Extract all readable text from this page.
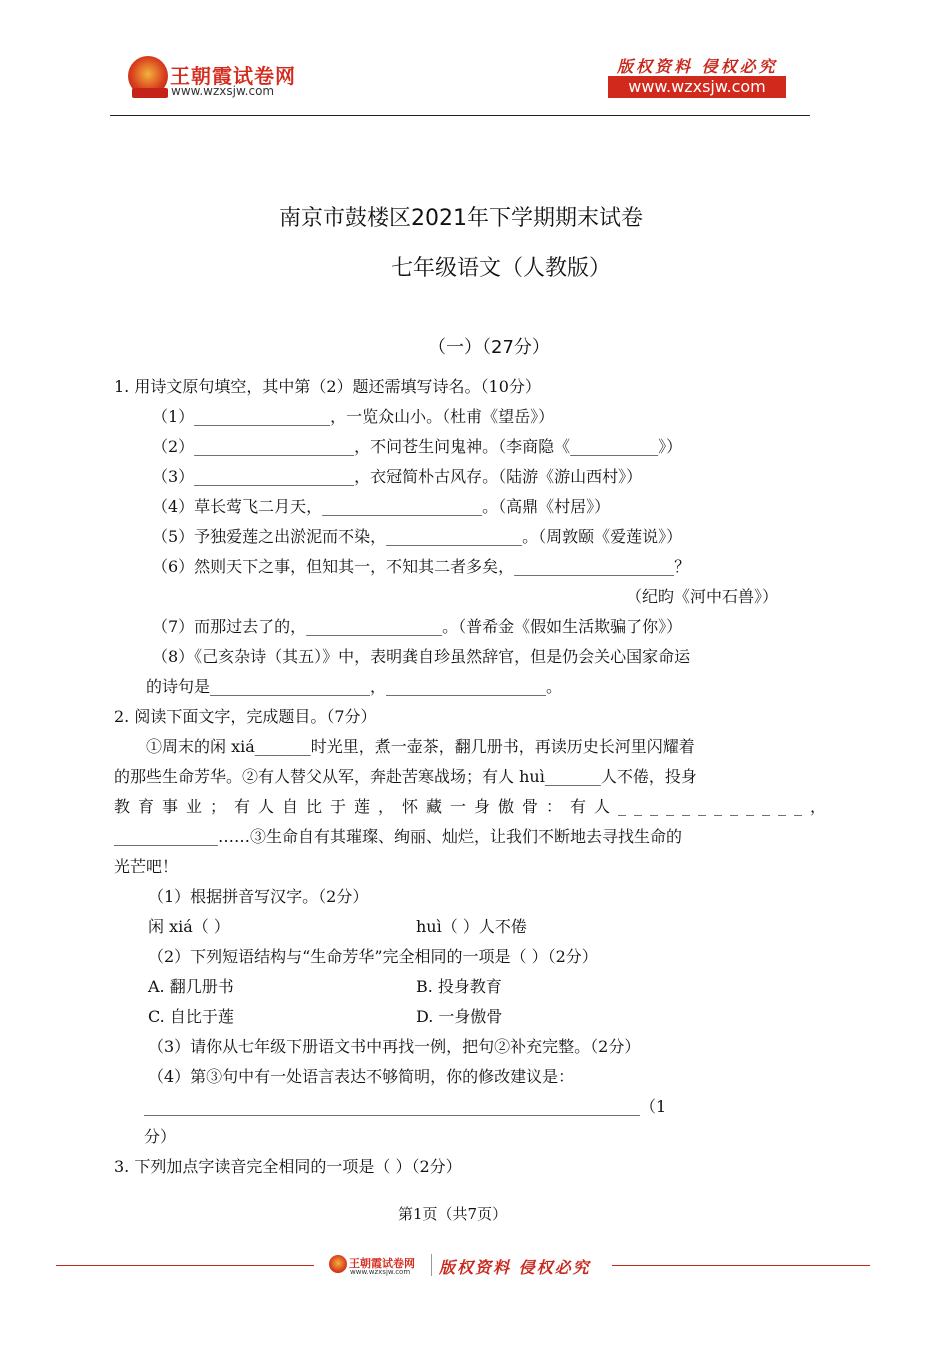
王朝霞试卷网
www.wzxsjw.com
版权资料 侵权必究
www.wzxsjw.com
南京市鼓楼区2021年下学期期末试卷
七年级语文（人教版）
（一）（27分）
1. 用诗文原句填空，其中第（2）题还需填写诗名。（10分）
（1）_________________，一览众山小。（杜甫《望岳》）
（2）____________________，不问苍生问鬼神。（李商隐《___________》）
（3）____________________，衣冠简朴古风存。（陆游《游山西村》）
（4）草长莺飞二月天，____________________。（高鼎《村居》）
（5）予独爱莲之出淤泥而不染，_________________。（周敦颐《爱莲说》）
（6）然则天下之事，但知其一，不知其二者多矣，____________________？
（纪昀《河中石兽》）
（7）而那过去了的，_________________。（普希金《假如生活欺骗了你》）
（8）《己亥杂诗（其五）》中，表明龚自珍虽然辞官，但是仍会关心国家命运
的诗句是____________________，____________________。
2. 阅读下面文字，完成题目。（7分）
①周末的闲 xiá_______时光里，煮一壶茶，翻几册书，再读历史长河里闪耀着
的那些生命芳华。②有人替父从军，奔赴苦寒战场；有人 huì_______人不倦，投身
教育事业；有人自比于莲，怀藏一身傲骨：有人____________，
_____________……③生命自有其璀璨、绚丽、灿烂，让我们不断地去寻找生命的
光芒吧！
（1）根据拼音写汉字。（2分）
闲 xiá（ ）	huì（ ）人不倦
（2）下列短语结构与“生命芳华”完全相同的一项是（ ）（2分）
A. 翻几册书	B. 投身教育
C. 自比于莲	D. 一身傲骨
（3）请你从七年级下册语文书中再找一例，把句②补充完整。（2分）
（4）第③句中有一处语言表达不够简明，你的修改建议是：
______________________________________________________________（1
分）
3. 下列加点字读音完全相同的一项是（ ）（2分）
第1页（共7页）
王朝霞试卷网
www.wzxsjw.com 版权资料 侵权必究
